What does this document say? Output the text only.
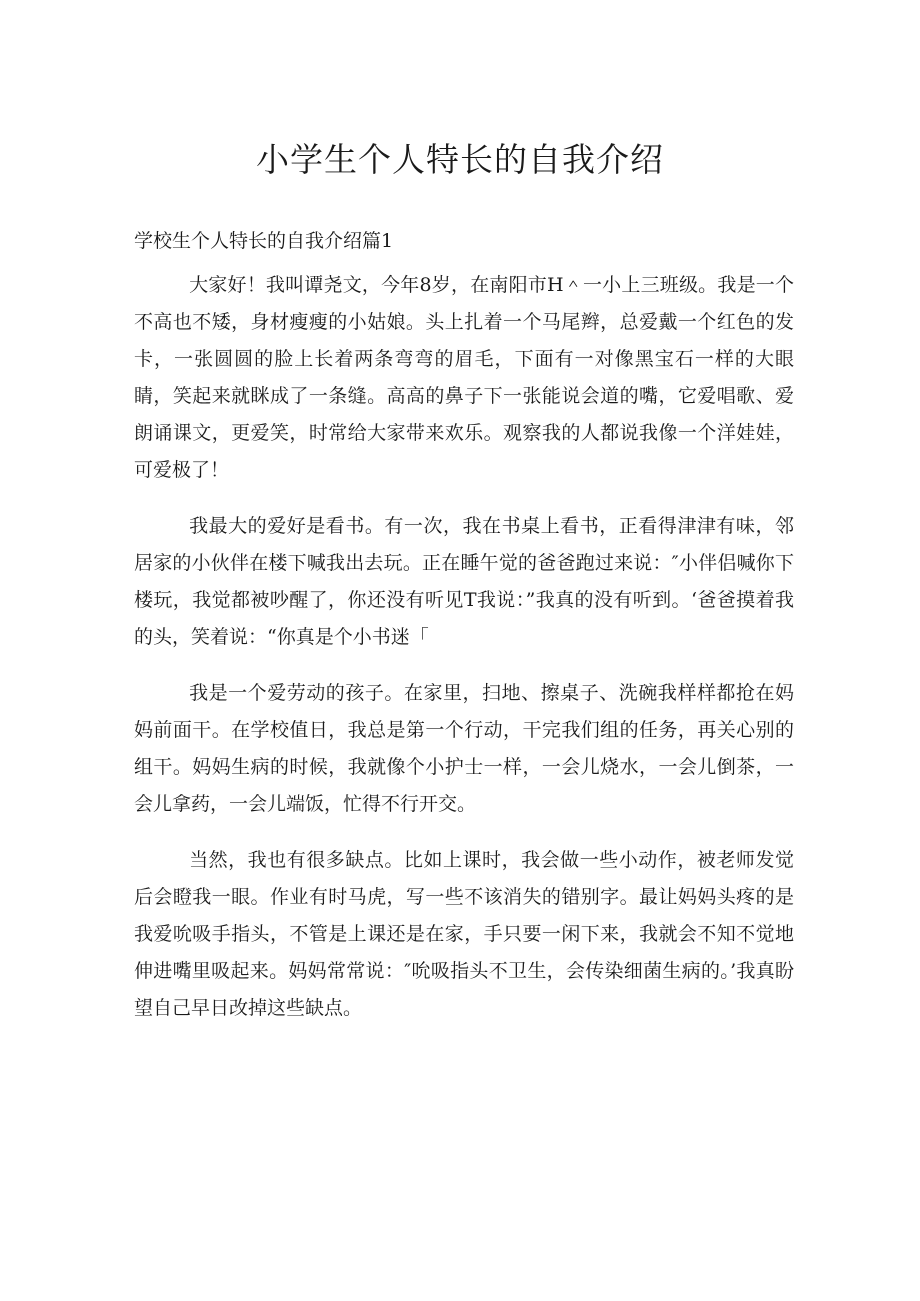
小学生个人特长的自我介绍
学校生个人特长的自我介绍篇1

大家好！我叫谭尧文，今年8岁，在南阳市H＾一小上三班级。我是一个不高也不矮，身材瘦瘦的小姑娘。头上扎着一个马尾辫，总爱戴一个红色的发卡，一张圆圆的脸上长着两条弯弯的眉毛，下面有一对像黑宝石一样的大眼睛，笑起来就眯成了一条缝。高高的鼻子下一张能说会道的嘴，它爱唱歌、爱朗诵课文，更爱笑，时常给大家带来欢乐。观察我的人都说我像一个洋娃娃，可爱极了！

我最大的爱好是看书。有一次，我在书桌上看书，正看得津津有味，邻居家的小伙伴在楼下喊我出去玩。正在睡午觉的爸爸跑过来说：″小伴侣喊你下楼玩，我觉都被吵醒了，你还没有听见T我说：”我真的没有听到。‘爸爸摸着我的头，笑着说：“你真是个小书迷「

我是一个爱劳动的孩子。在家里，扫地、擦桌子、洗碗我样样都抢在妈妈前面干。在学校值日，我总是第一个行动，干完我们组的任务，再关心别的组干。妈妈生病的时候，我就像个小护士一样，一会儿烧水，一会儿倒茶，一会儿拿药，一会儿端饭，忙得不行开交。

当然，我也有很多缺点。比如上课时，我会做一些小动作，被老师发觉后会瞪我一眼。作业有时马虎，写一些不该消失的错别字。最让妈妈头疼的是我爱吮吸手指头，不管是上课还是在家，手只要一闲下来，我就会不知不觉地伸进嘴里吸起来。妈妈常常说：″吮吸指头不卫生，会传染细菌生病的。’我真盼望自己早日改掉这些缺点。
